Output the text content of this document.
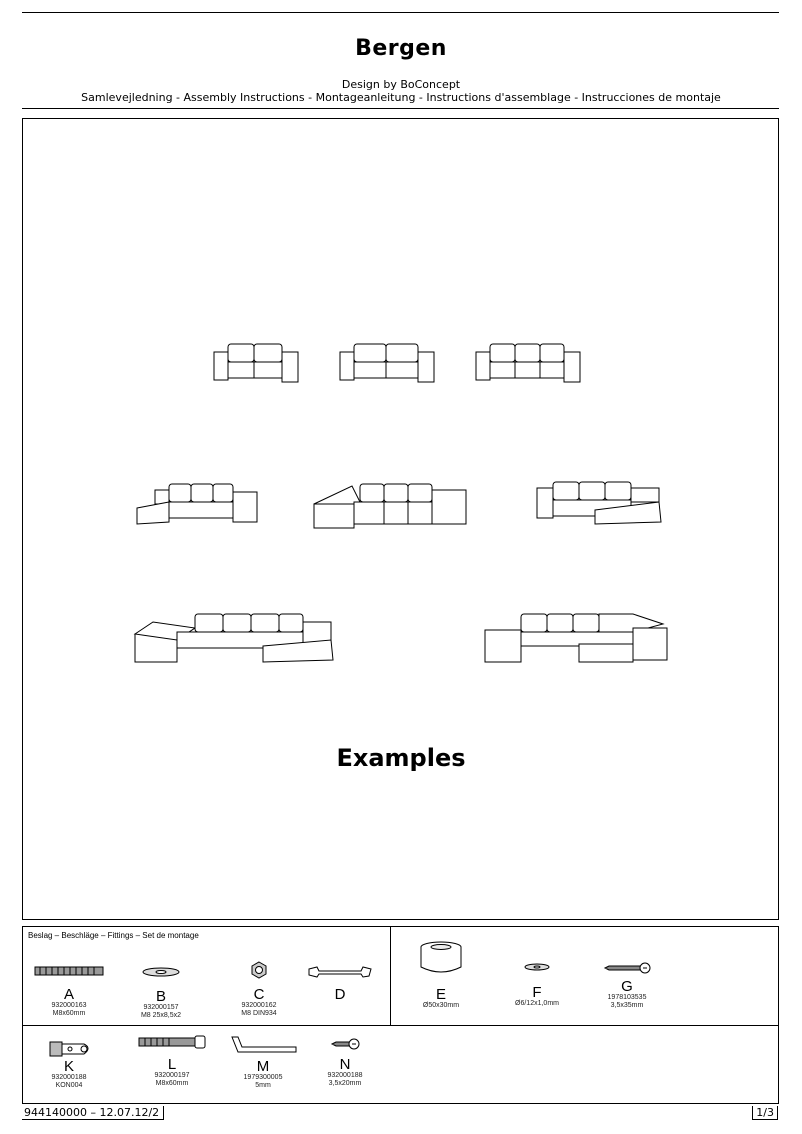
Bergen
Design by BoConcept
Samlevejledning - Assembly Instructions - Montageanleitung - Instructions d'assemblage - Instrucciones de montaje
Examples
Beslag – Beschläge – Fittings – Set de montage
A
932000163
M8x60mm
B
932000157
M8 25x8,5x2
C
932000162
M8 DIN934
D	E
Ø50x30mm
F
Ø6/12x1,0mm
G
1978103535
3,5x35mm
K
932000188
KON004
L
932000197
M8x60mm
M
1979300005
5mm
N
932000188
3,5x20mm
944140000 – 12.07.12/2	1/3
